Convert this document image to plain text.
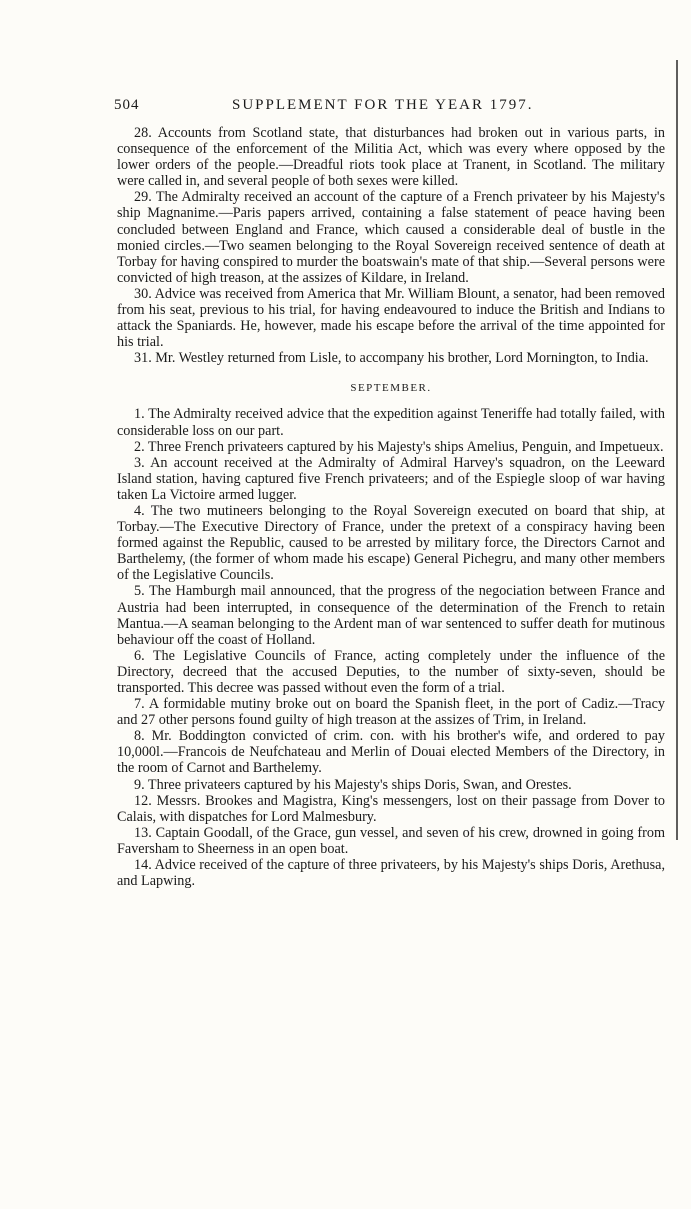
504	SUPPLEMENT FOR THE YEAR 1797.

28. Accounts from Scotland state, that disturbances had broken out in various parts, in consequence of the enforcement of the Militia Act, which was every where opposed by the lower orders of the people.—Dreadful riots took place at Tranent, in Scotland. The military were called in, and several people of both sexes were killed.

29. The Admiralty received an account of the capture of a French privateer by his Majesty's ship Magnanime.—Paris papers arrived, containing a false statement of peace having been concluded between England and France, which caused a considerable deal of bustle in the monied circles.—Two seamen belonging to the Royal Sovereign received sentence of death at Torbay for having conspired to murder the boatswain's mate of that ship.—Several persons were convicted of high treason, at the assizes of Kildare, in Ireland.

30. Advice was received from America that Mr. William Blount, a senator, had been removed from his seat, previous to his trial, for having endeavoured to induce the British and Indians to attack the Spaniards. He, however, made his escape before the arrival of the time appointed for his trial.

31. Mr. Westley returned from Lisle, to accompany his brother, Lord Mornington, to India.

SEPTEMBER.

1. The Admiralty received advice that the expedition against Teneriffe had totally failed, with considerable loss on our part.

2. Three French privateers captured by his Majesty's ships Amelius, Penguin, and Impetueux.

3. An account received at the Admiralty of Admiral Harvey's squadron, on the Leeward Island station, having captured five French privateers; and of the Espiegle sloop of war having taken La Victoire armed lugger.

4. The two mutineers belonging to the Royal Sovereign executed on board that ship, at Torbay.—The Executive Directory of France, under the pretext of a conspiracy having been formed against the Republic, caused to be arrested by military force, the Directors Carnot and Barthelemy, (the former of whom made his escape) General Pichegru, and many other members of the Legislative Councils.

5. The Hamburgh mail announced, that the progress of the negociation between France and Austria had been interrupted, in consequence of the determination of the French to retain Mantua.—A seaman belonging to the Ardent man of war sentenced to suffer death for mutinous behaviour off the coast of Holland.

6. The Legislative Councils of France, acting completely under the influence of the Directory, decreed that the accused Deputies, to the number of sixty-seven, should be transported. This decree was passed without even the form of a trial.

7. A formidable mutiny broke out on board the Spanish fleet, in the port of Cadiz.—Tracy and 27 other persons found guilty of high treason at the assizes of Trim, in Ireland.

8. Mr. Boddington convicted of crim. con. with his brother's wife, and ordered to pay 10,000l.—Francois de Neufchateau and Merlin of Douai elected Members of the Directory, in the room of Carnot and Barthelemy.

9. Three privateers captured by his Majesty's ships Doris, Swan, and Orestes.

12. Messrs. Brookes and Magistra, King's messengers, lost on their passage from Dover to Calais, with dispatches for Lord Malmesbury.

13. Captain Goodall, of the Grace, gun vessel, and seven of his crew, drowned in going from Faversham to Sheerness in an open boat.

14. Advice received of the capture of three privateers, by his Majesty's ships Doris, Arethusa, and Lapwing.
